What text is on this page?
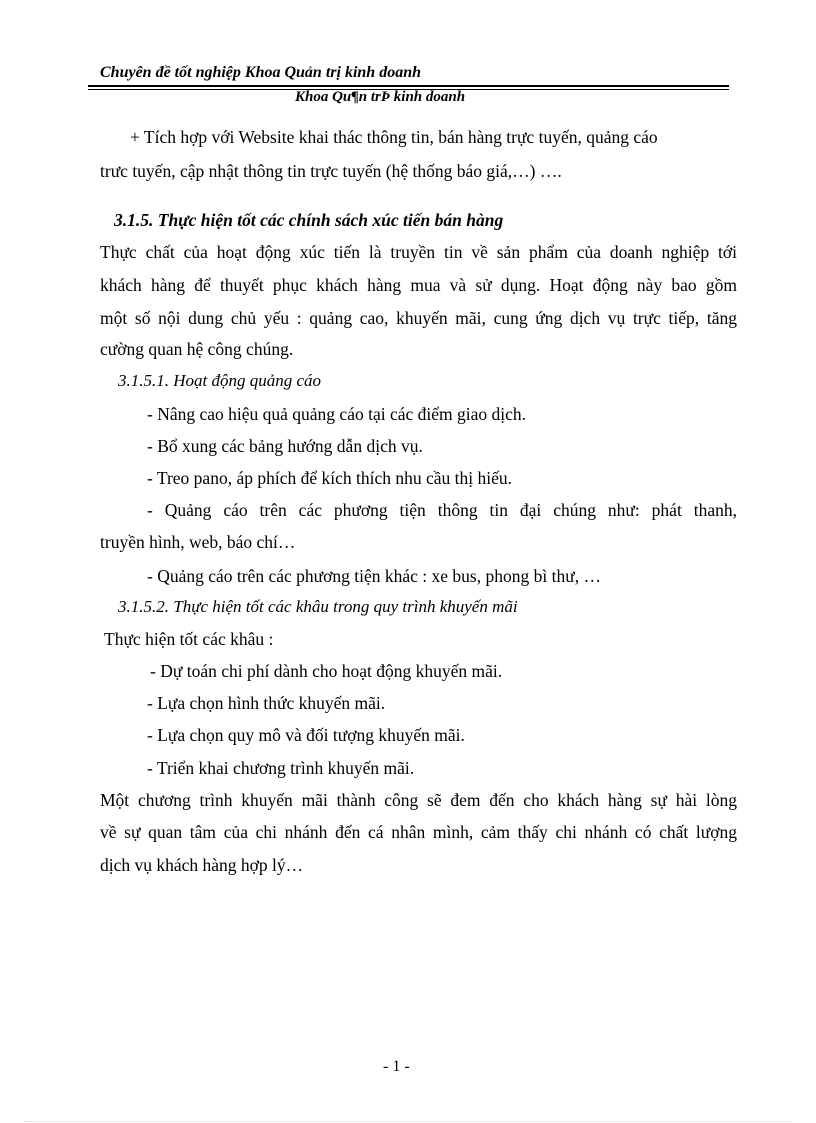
Chuyên đề tốt nghiệp Khoa Quản trị kinh doanh
Khoa Qu¶n trÞ kinh doanh
+ Tích hợp với Website khai thác thông tin, bán hàng trực tuyến, quảng cáo
trưc tuyến, cập nhật thông tin trực tuyến (hệ thống báo giá,…) ….
3.1.5. Thực hiện tốt các chính sách xúc tiến bán hàng
Thực chất của hoạt động xúc tiến là truyền tin về sản phẩm của doanh nghiệp tới
khách hàng để thuyết phục khách hàng mua và sử dụng. Hoạt động này bao gồm
một số nội dung chủ yếu : quảng cao, khuyến mãi, cung ứng dịch vụ trực tiếp, tăng
cường quan hệ công chúng.
3.1.5.1. Hoạt động quảng cáo
- Nâng cao hiệu quả quảng cáo tại các điểm giao dịch.
- Bổ xung các bảng hướng dẫn dịch vụ.
- Treo pano, áp phích để kích thích nhu cầu thị hiếu.
- Quảng cáo trên các phương tiện thông tin đại chúng như: phát thanh,
truyền hình, web, báo chí…
- Quảng cáo trên các phương tiện khác : xe bus, phong bì thư, …
3.1.5.2. Thực hiện tốt các khâu trong quy trình khuyến mãi
Thực hiện tốt các khâu :
- Dự toán chi phí dành cho hoạt động khuyến mãi.
- Lựa chọn hình thức khuyến mãi.
- Lựa chọn quy mô và đối tượng khuyến mãi.
- Triển khai chương trình khuyến mãi.
Một chương trình khuyến mãi thành công sẽ đem đến cho khách hàng sự hài lòng
về sự quan tâm của chi nhánh đến cá nhân mình, cảm thấy chi nhánh có chất lượng
dịch vụ khách hàng hợp lý…
- 1 -
